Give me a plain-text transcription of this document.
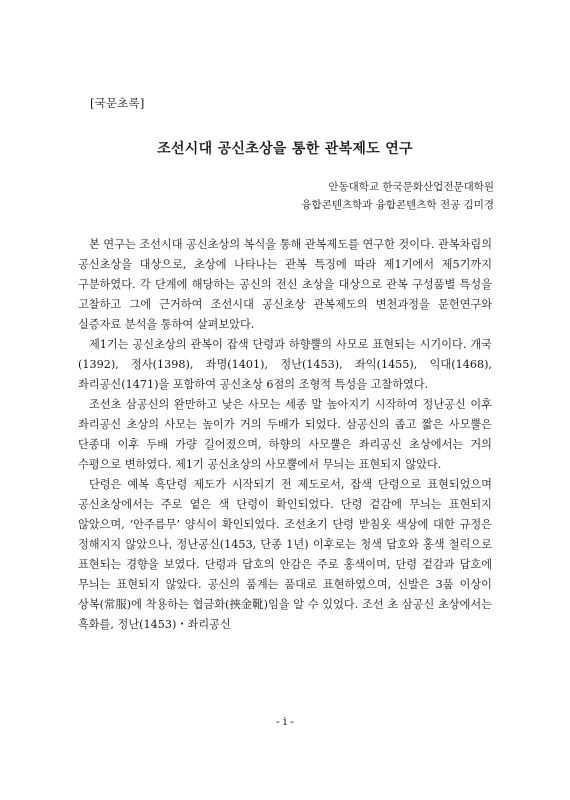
[국문초록]
조선시대 공신초상을 통한 관복제도 연구
안동대학교 한국문화산업전문대학원
융합콘텐츠학과 융합콘텐츠학 전공 김미경

본 연구는 조선시대 공신초상의 복식을 통해 관복제도를 연구한 것이다. 관복차림의 공신초상을 대상으로, 초상에 나타나는 관복 특징에 따라 제1기에서 제5기까지 구분하였다. 각 단계에 해당하는 공신의 전신 초상을 대상으로 관복 구성품별 특성을 고찰하고 그에 근거하여 조선시대 공신초상 관복제도의 변천과정을 문헌연구와 실증자료 분석을 통하여 살펴보았다.

제1기는 공신초상의 관복이 잡색 단령과 하향뿔의 사모로 표현되는 시기이다. 개국(1392), 정사(1398), 좌명(1401), 정난(1453), 좌익(1455), 익대(1468), 좌리공신(1471)을 포함하여 공신초상 6점의 조형적 특성을 고찰하였다.

조선초 삼공신의 완만하고 낮은 사모는 세종 말 높아지기 시작하여 정난공신 이후 좌리공신 초상의 사모는 높이가 거의 두배가 되었다. 삼공신의 좁고 짧은 사모뿔은 단종대 이후 두배 가량 길어졌으며, 하향의 사모뿔은 좌리공신 초상에서는 거의 수평으로 변하였다. 제1기 공신초상의 사모뿔에서 무늬는 표현되지 않았다.

단령은 예복 흑단령 제도가 시작되기 전 제도로서, 잡색 단령으로 표현되었으며 공신초상에서는 주로 옅은 색 단령이 확인되었다. 단령 겉감에 무늬는 표현되지 않았으며, ‘안주름무’ 양식이 확인되었다. 조선초기 단령 받침옷 색상에 대한 규정은 정해지지 않았으나, 정난공신(1453, 단종 1년) 이후로는 청색 답호와 홍색 철릭으로 표현되는 경향을 보였다. 단령과 답호의 안감은 주로 홍색이며, 단령 겉감과 답호에 무늬는 표현되지 않았다. 공신의 품계는 품대로 표현하였으며, 신발은 3품 이상이 상복(常服)에 착용하는 협금화(挾金靴)임을 알 수 있었다. 조선 초 삼공신 초상에서는 흑화를, 정난(1453)・좌리공신

- i -
